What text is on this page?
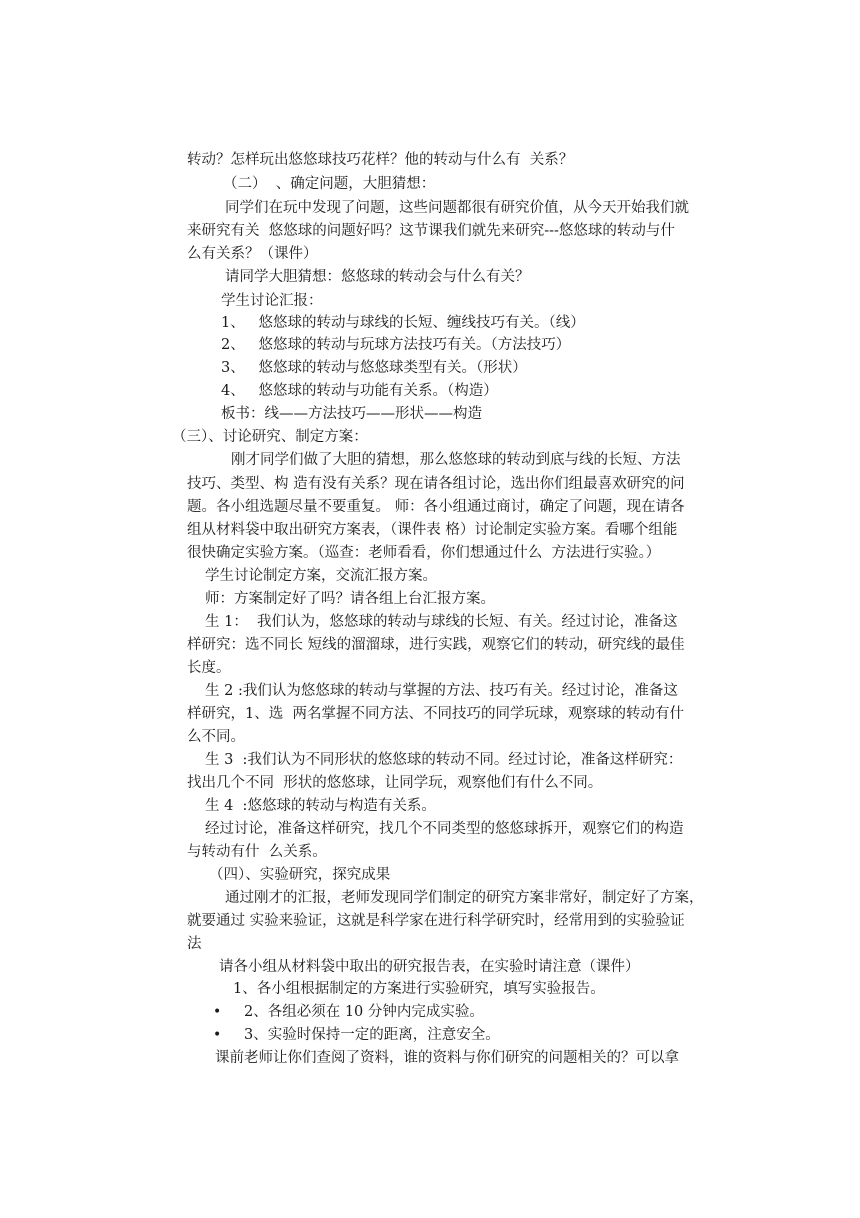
转动？怎样玩出悠悠球技巧花样？他的转动与什么有  关系？
（二）  、确定问题，大胆猜想：
同学们在玩中发现了问题，这些问题都很有研究价值，从今天开始我们就
来研究有关  悠悠球的问题好吗？这节课我们就先来研究---悠悠球的转动与什
么有关系？（课件）
请同学大胆猜想：悠悠球的转动会与什么有关？
学生讨论汇报：
1、   悠悠球的转动与球线的长短、缠线技巧有关。（线）
2、   悠悠球的转动与玩球方法技巧有关。（方法技巧）
3、   悠悠球的转动与悠悠球类型有关。（形状）
4、   悠悠球的转动与功能有关系。（构造）
板书：线——方法技巧——形状——构造
（三）、讨论研究、制定方案：
刚才同学们做了大胆的猜想，那么悠悠球的转动到底与线的长短、方法
技巧、类型、构 造有没有关系？现在请各组讨论，选出你们组最喜欢研究的问
题。各小组选题尽量不要重复。 师：各小组通过商讨，确定了问题，现在请各
组从材料袋中取出研究方案表，（课件表 格）讨论制定实验方案。看哪个组能
很快确定实验方案。（巡查：老师看看，你们想通过什么  方法进行实验。）
学生讨论制定方案，交流汇报方案。
师：方案制定好了吗？请各组上台汇报方案。
生 1：  我们认为，悠悠球的转动与球线的长短、有关。经过讨论，准备这
样研究：选不同长 短线的溜溜球，进行实践，观察它们的转动，研究线的最佳
长度。
生 2 :我们认为悠悠球的转动与掌握的方法、技巧有关。经过讨论，准备这
样研究，1、选  两名掌握不同方法、不同技巧的同学玩球，观察球的转动有什
么不同。
生 3  :我们认为不同形状的悠悠球的转动不同。经过讨论，准备这样研究：
找出几个不同  形状的悠悠球，让同学玩，观察他们有什么不同。
生 4  :悠悠球的转动与构造有关系。
经过讨论，准备这样研究，找几个不同类型的悠悠球拆开，观察它们的构造
与转动有什  么关系。
（四）、实验研究，探究成果
通过刚才的汇报，老师发现同学们制定的研究方案非常好，制定好了方案，
就要通过 实验来验证，这就是科学家在进行科学研究时，经常用到的实验验证
法
请各小组从材料袋中取出的研究报告表，在实验时请注意（课件）
1、各小组根据制定的方案进行实验研究，填写实验报告。
• 2、各组必须在 10 分钟内完成实验。
• 3、实验时保持一定的距离，注意安全。
课前老师让你们查阅了资料，谁的资料与你们研究的问题相关的？可以拿
